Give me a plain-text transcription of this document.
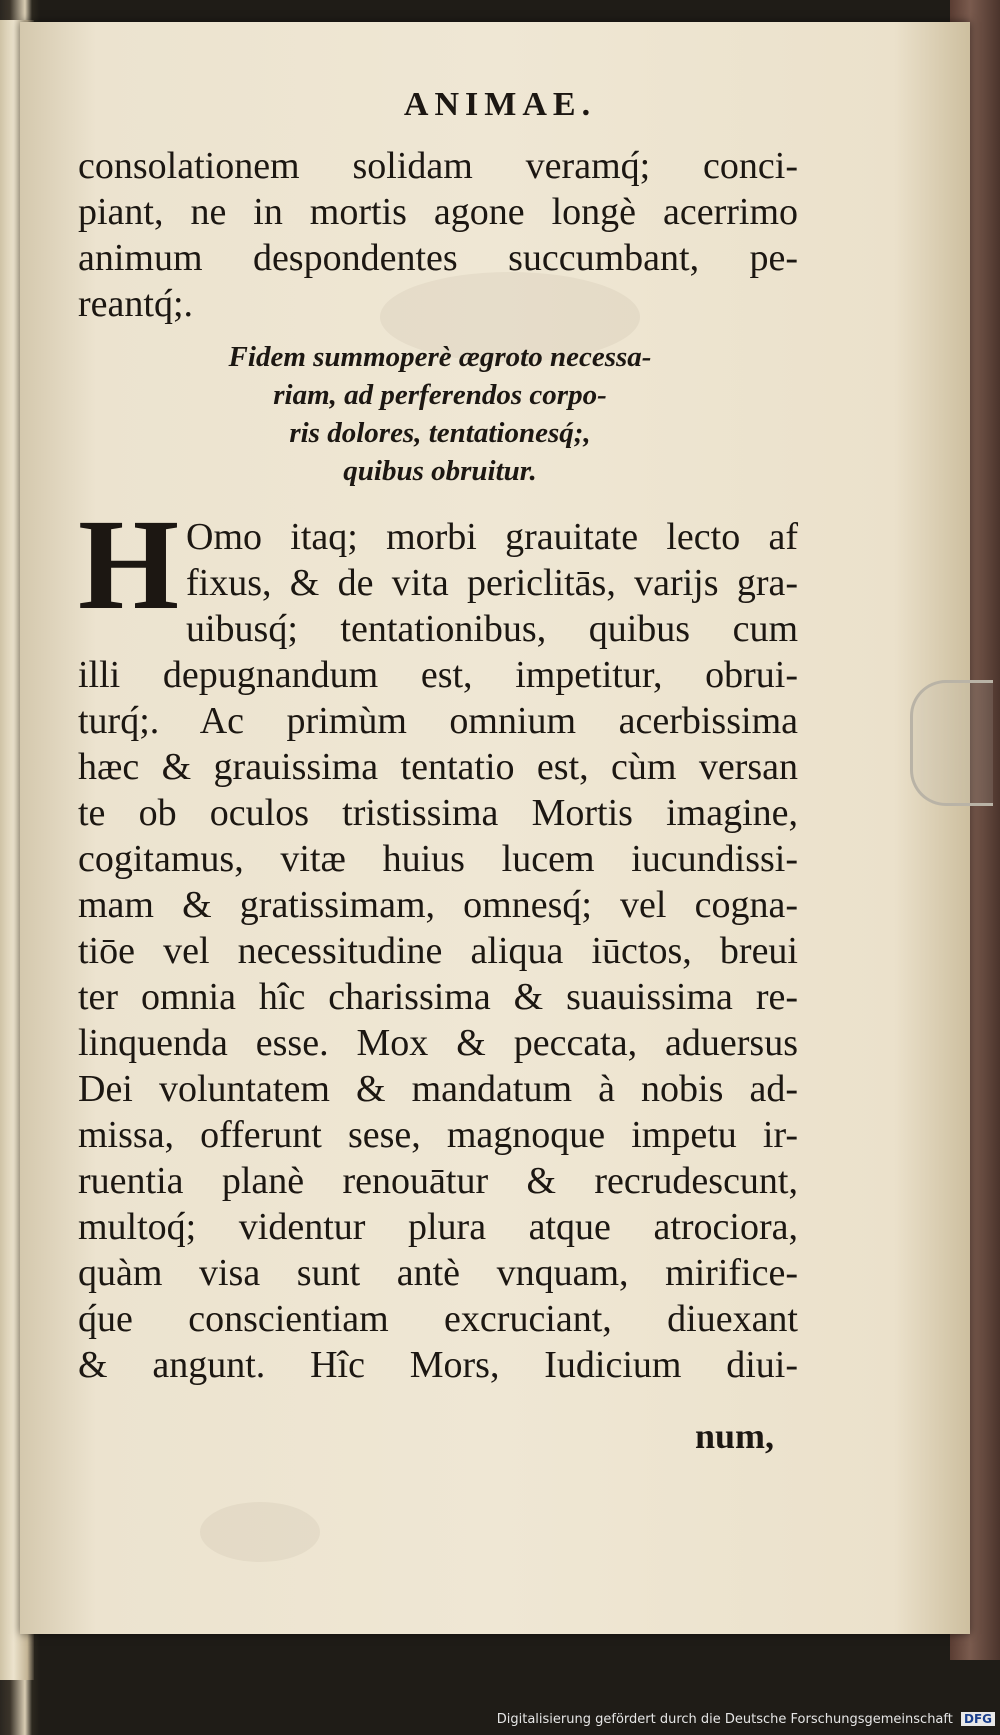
ANIMAE.
consolationem solidam veramq́; conci-
piant, ne in mortis agone longè acerrimo
animum despondentes succumbant, pe-
reantq́;.
Fidem summoperè ægroto necessa-
riam, ad perferendos corpo-
ris dolores, tentationesq́;,
quibus obruitur.
H Omo itaq; morbi grauitate lecto af
fixus, & de vita periclitās, varijs gra-
uibusq́; tentationibus, quibus cum
illi depugnandum est, impetitur, obrui-
turq́;. Ac primùm omnium acerbissima
hæc & grauissima tentatio est, cùm versan
te ob oculos tristissima Mortis imagine,
cogitamus, vitæ huius lucem iucundissi-
mam & gratissimam, omnesq́; vel cogna-
tiōe vel necessitudine aliqua iūctos, breui
ter omnia hîc charissima & suauissima re-
linquenda esse. Mox & peccata, aduersus
Dei voluntatem & mandatum à nobis ad-
missa, offerunt sese, magnoque impetu ir-
ruentia planè renouātur & recrudescunt,
multoq́; videntur plura atque atrociora,
quàm visa sunt antè vnquam, mirifice-
q́ue conscientiam excruciant, diuexant
& angunt. Hîc Mors, Iudicium diui-
num,
Digitalisierung gefördert durch die Deutsche Forschungsgemeinschaft DFG
